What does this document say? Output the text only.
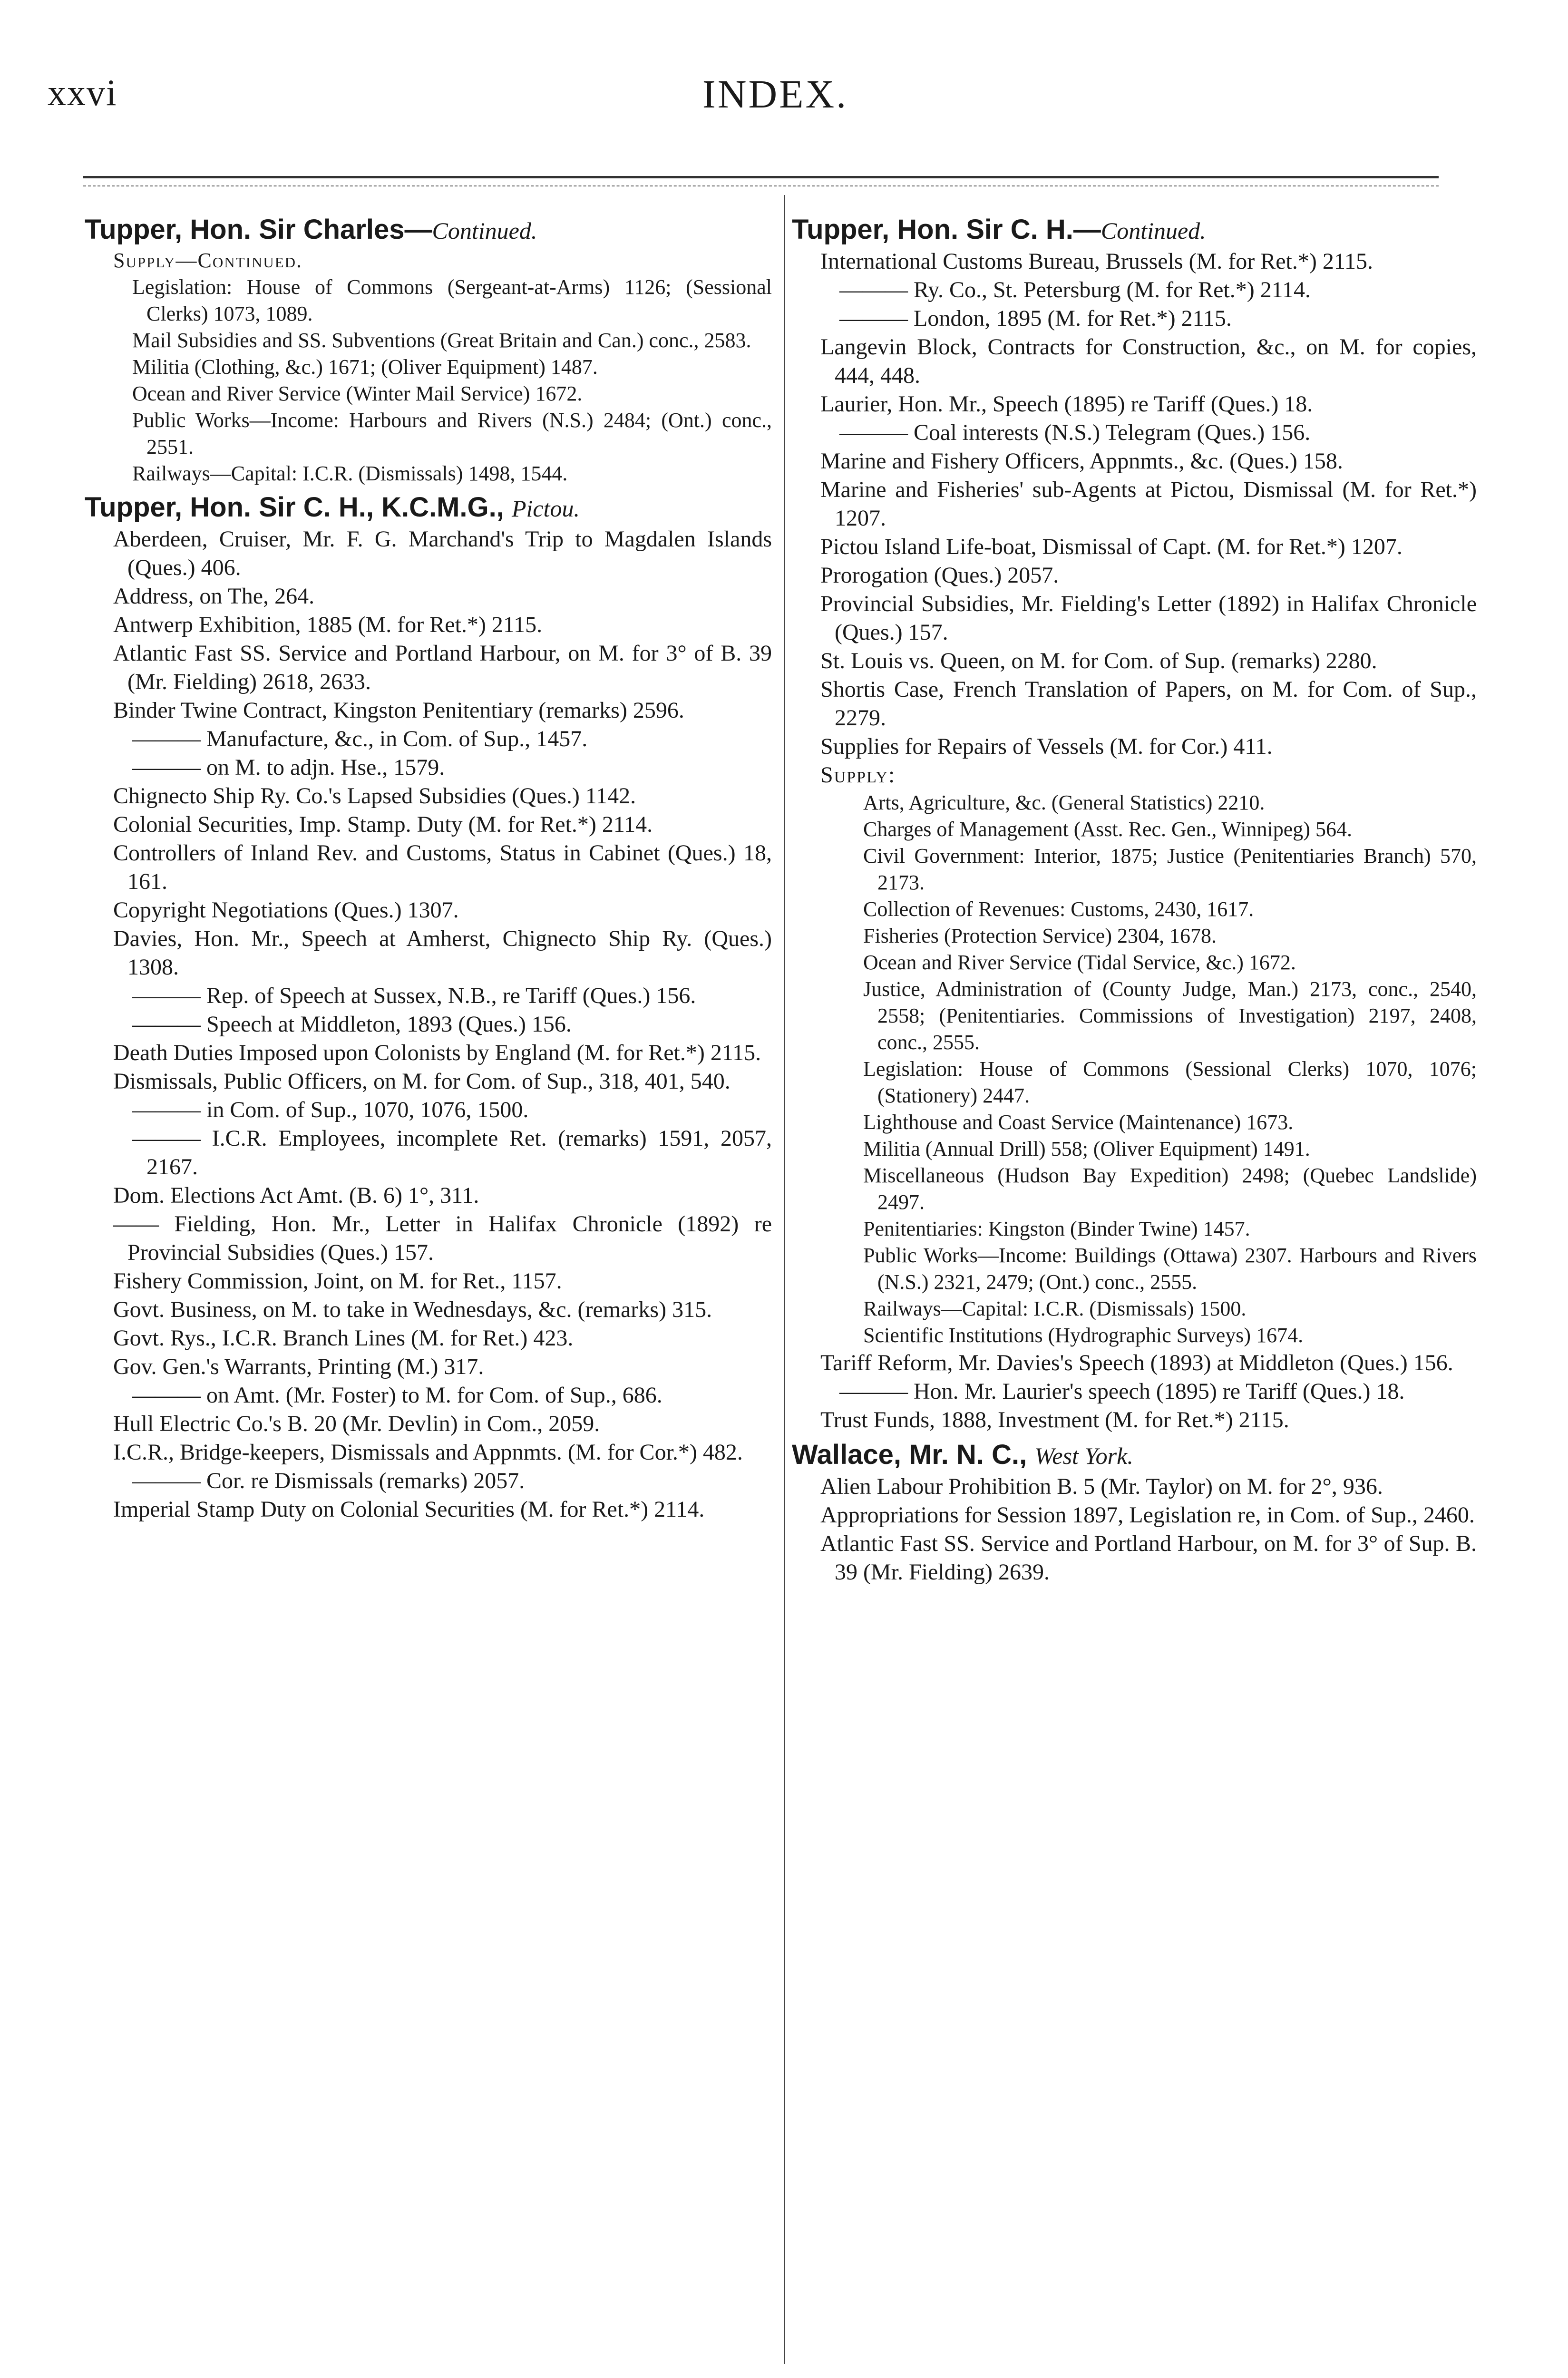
xxvi	INDEX.

Tupper, Hon. Sir Charles—Continued.

Supply—Continued.

Legislation: House of Commons (Sergeant-at-Arms) 1126; (Sessional Clerks) 1073, 1089.

Mail Subsidies and SS. Subventions (Great Britain and Can.) conc., 2583.

Militia (Clothing, &c.) 1671; (Oliver Equipment) 1487.

Ocean and River Service (Winter Mail Service) 1672.

Public Works—Income: Harbours and Rivers (N.S.) 2484; (Ont.) conc., 2551.

Railways—Capital: I.C.R. (Dismissals) 1498, 1544.

Tupper, Hon. Sir C. H., K.C.M.G., Pictou.

Aberdeen, Cruiser, Mr. F. G. Marchand's Trip to Magdalen Islands (Ques.) 406.

Address, on The, 264.

Antwerp Exhibition, 1885 (M. for Ret.*) 2115.

Atlantic Fast SS. Service and Portland Harbour, on M. for 3° of B. 39 (Mr. Fielding) 2618, 2633.

Binder Twine Contract, Kingston Penitentiary (remarks) 2596.

——— Manufacture, &c., in Com. of Sup., 1457.

——— on M. to adjn. Hse., 1579.

Chignecto Ship Ry. Co.'s Lapsed Subsidies (Ques.) 1142.

Colonial Securities, Imp. Stamp. Duty (M. for Ret.*) 2114.

Controllers of Inland Rev. and Customs, Status in Cabinet (Ques.) 18, 161.

Copyright Negotiations (Ques.) 1307.

Davies, Hon. Mr., Speech at Amherst, Chignecto Ship Ry. (Ques.) 1308.

——— Rep. of Speech at Sussex, N.B., re Tariff (Ques.) 156.

——— Speech at Middleton, 1893 (Ques.) 156.

Death Duties Imposed upon Colonists by England (M. for Ret.*) 2115.

Dismissals, Public Officers, on M. for Com. of Sup., 318, 401, 540.

——— in Com. of Sup., 1070, 1076, 1500.

——— I.C.R. Employees, incomplete Ret. (remarks) 1591, 2057, 2167.

Dom. Elections Act Amt. (B. 6) 1°, 311.

—— Fielding, Hon. Mr., Letter in Halifax Chronicle (1892) re Provincial Subsidies (Ques.) 157.

Fishery Commission, Joint, on M. for Ret., 1157.

Govt. Business, on M. to take in Wednesdays, &c. (remarks) 315.

Govt. Rys., I.C.R. Branch Lines (M. for Ret.) 423.

Gov. Gen.'s Warrants, Printing (M.) 317.

——— on Amt. (Mr. Foster) to M. for Com. of Sup., 686.

Hull Electric Co.'s B. 20 (Mr. Devlin) in Com., 2059.

I.C.R., Bridge-keepers, Dismissals and Appnmts. (M. for Cor.*) 482.

——— Cor. re Dismissals (remarks) 2057.

Imperial Stamp Duty on Colonial Securities (M. for Ret.*) 2114.

Tupper, Hon. Sir C. H.—Continued.

International Customs Bureau, Brussels (M. for Ret.*) 2115.

——— Ry. Co., St. Petersburg (M. for Ret.*) 2114.

——— London, 1895 (M. for Ret.*) 2115.

Langevin Block, Contracts for Construction, &c., on M. for copies, 444, 448.

Laurier, Hon. Mr., Speech (1895) re Tariff (Ques.) 18.

——— Coal interests (N.S.) Telegram (Ques.) 156.

Marine and Fishery Officers, Appnmts., &c. (Ques.) 158.

Marine and Fisheries' sub-Agents at Pictou, Dismissal (M. for Ret.*) 1207.

Pictou Island Life-boat, Dismissal of Capt. (M. for Ret.*) 1207.

Prorogation (Ques.) 2057.

Provincial Subsidies, Mr. Fielding's Letter (1892) in Halifax Chronicle (Ques.) 157.

St. Louis vs. Queen, on M. for Com. of Sup. (remarks) 2280.

Shortis Case, French Translation of Papers, on M. for Com. of Sup., 2279.

Supplies for Repairs of Vessels (M. for Cor.) 411.

Supply:

Arts, Agriculture, &c. (General Statistics) 2210.

Charges of Management (Asst. Rec. Gen., Winnipeg) 564.

Civil Government: Interior, 1875; Justice (Penitentiaries Branch) 570, 2173.

Collection of Revenues: Customs, 2430, 1617.

Fisheries (Protection Service) 2304, 1678.

Ocean and River Service (Tidal Service, &c.) 1672.

Justice, Administration of (County Judge, Man.) 2173, conc., 2540, 2558; (Penitentiaries. Commissions of Investigation) 2197, 2408, conc., 2555.

Legislation: House of Commons (Sessional Clerks) 1070, 1076; (Stationery) 2447.

Lighthouse and Coast Service (Maintenance) 1673.

Militia (Annual Drill) 558; (Oliver Equipment) 1491.

Miscellaneous (Hudson Bay Expedition) 2498; (Quebec Landslide) 2497.

Penitentiaries: Kingston (Binder Twine) 1457.

Public Works—Income: Buildings (Ottawa) 2307. Harbours and Rivers (N.S.) 2321, 2479; (Ont.) conc., 2555.

Railways—Capital: I.C.R. (Dismissals) 1500.

Scientific Institutions (Hydrographic Surveys) 1674.

Tariff Reform, Mr. Davies's Speech (1893) at Middleton (Ques.) 156.

——— Hon. Mr. Laurier's speech (1895) re Tariff (Ques.) 18.

Trust Funds, 1888, Investment (M. for Ret.*) 2115.

Wallace, Mr. N. C., West York.

Alien Labour Prohibition B. 5 (Mr. Taylor) on M. for 2°, 936.

Appropriations for Session 1897, Legislation re, in Com. of Sup., 2460.

Atlantic Fast SS. Service and Portland Harbour, on M. for 3° of Sup. B. 39 (Mr. Fielding) 2639.
